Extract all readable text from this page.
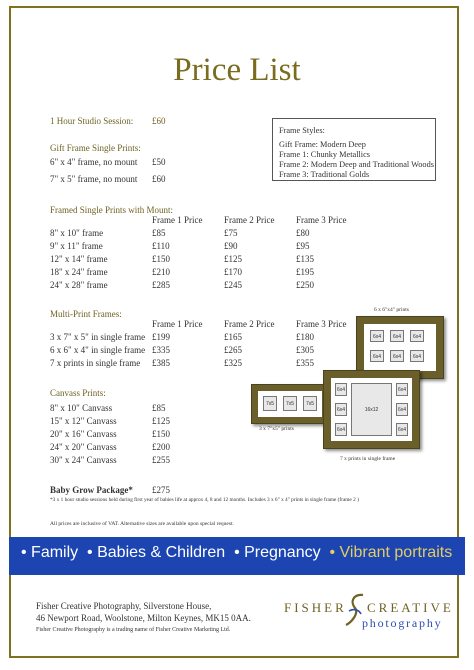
Price List
1 Hour Studio Session: £60
Gift Frame Single Prints:
6" x 4" frame, no mount £50
7" x 5" frame, no mount £60
Frame Styles:
Gift Frame: Modern Deep
Frame 1: Chunky Metallics
Frame 2: Modern Deep and Traditional Woods
Frame 3: Traditional Golds
Framed Single Prints with Mount:
Frame 1 Price Frame 2 Price Frame 3 Price
8" x 10" frame	£85	£75	£80
9" x 11" frame	£110	£90	£95
12" x 14" frame	£150	£125	£135
18" x 24" frame	£210	£170	£195
24" x 28" frame	£285	£245	£250
Multi-Print Frames:
Frame 1 Price Frame 2 Price Frame 3 Price
3 x 7" x 5" in single frame £199	£165	£180
6 x 6" x 4" in single frame £335	£265	£305
7 x prints in single frame £385	£325	£355
Canvass Prints:
8" x 10" Canvass	£85
15" x 12" Canvass	£125
20" x 16" Canvass	£150
24" x 20" Canvass	£200
30" x 24" Canvass	£255
Baby Grow Package* £275
*3 x 1 hour studio sessions held during first year of babies life at approx 4, 8 and 12 months. Includes 3 x 6" x 4" prints in single frame (frame 2 )
All prices are inclusive of VAT. Alternative sizes are available upon special request.
6 x 6"x4" prints
6x4	6x4	6x4
6x4	6x4	6x4
7x5	7x5	7x5
3 x 7"x5" prints
6x4
6x4
6x4
16x12
6x4
6x4
6x4
7 x prints in single frame
• Family • Babies & Children • Pregnancy • Vibrant portraits
Fisher Creative Photography, Silverstone House,
46 Newport Road, Woolstone, Milton Keynes, MK15 0AA.
Fisher Creative Photography is a trading name of Fisher Creative Marketing Ltd.
FISHER CREATIVE
photography
